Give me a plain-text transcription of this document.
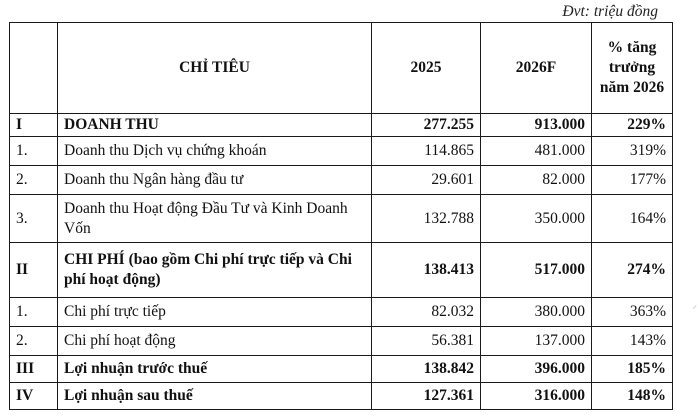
Đvt: triệu đồng
	CHỈ TIÊU	2025	2026F	% tăng trưởng năm 2026
I	DOANH THU	277.255	913.000	229%
1.	Doanh thu Dịch vụ chứng khoán	114.865	481.000	319%
2.	Doanh thu Ngân hàng đầu tư	29.601	82.000	177%
3.	Doanh thu Hoạt động Đầu Tư và Kinh Doanh Vốn	132.788	350.000	164%
II	CHI PHÍ (bao gồm Chi phí trực tiếp và Chi phí hoạt động)	138.413	517.000	274%
1.	Chi phí trực tiếp	82.032	380.000	363%
2.	Chi phí hoạt động	56.381	137.000	143%
III	Lợi nhuận trước thuế	138.842	396.000	185%
IV	Lợi nhuận sau thuế	127.361	316.000	148%
⸝
